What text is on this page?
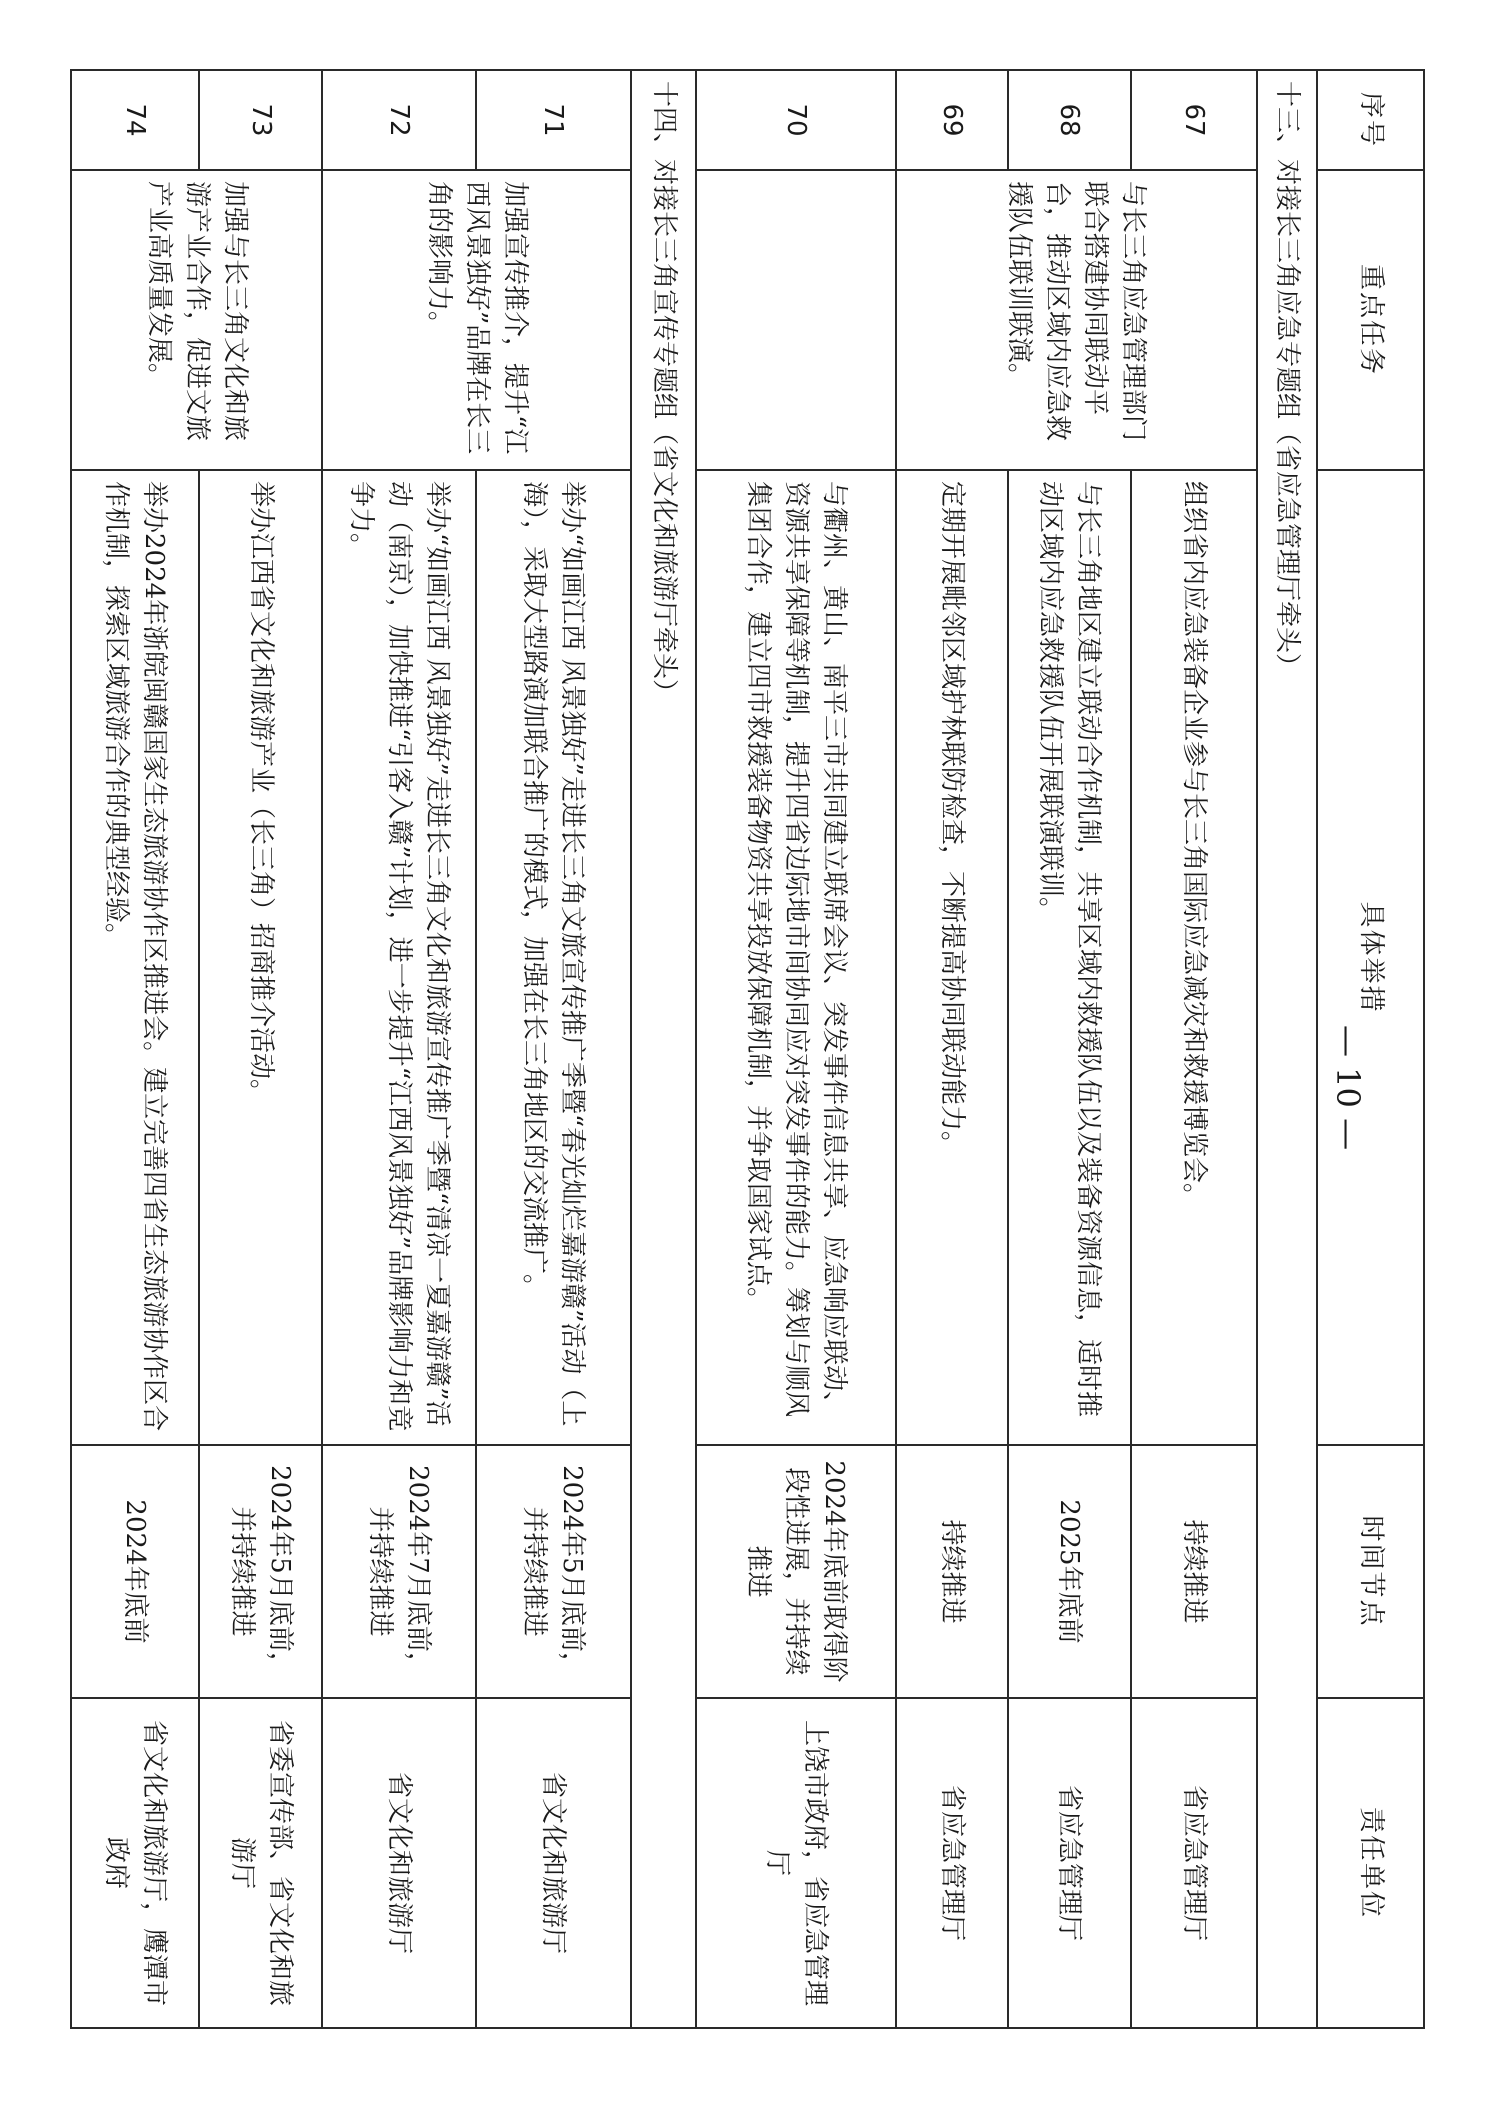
序号	重点任务	具体举措	时间节点	责任单位
十三、对接长三角应急专题组（省应急管理厅牵头）				
67	与长三角应急管理部门联合搭建协同联动平台，推动区域内应急救援队伍联训联演。	组织省内应急装备企业参与长三角国际应急减灾和救援博览会。	持续推进	省应急管理厅
68		与长三角地区建立联动合作机制，共享区域内救援队伍以及装备资源信息，适时推动区域内应急救援队伍开展联演联训。	2025年底前	省应急管理厅
69		定期开展毗邻区域护林联防检查，不断提高协同联动能力。	持续推进	省应急管理厅
70		与衢州、黄山、南平三市共同建立联席会议、突发事件信息共享、应急响应联动、资源共享保障等机制，提升四省边际地市间协同应对突发事件的能力。筹划与顺风集团合作，建立四市救援装备物资共享投放保障机制，并争取国家试点。	2024年底前取得阶段性进展，并持续推进	上饶市政府，省应急管理厅
十四、对接长三角宣传专题组（省文化和旅游厅牵头）				
71	加强宣传推介，提升“江西风景独好”品牌在长三角的影响力。	举办“如画江西 风景独好”走进长三角文旅宣传推广季暨“春光灿烂嘉游赣”活动（上海），采取大型路演加联合推广的模式，加强在长三角地区的交流推广。	2024年5月底前，并持续推进	省文化和旅游厅
72		举办“如画江西 风景独好”走进长三角文化和旅游宣传推广季暨“清凉一夏嘉游赣”活动（南京），加快推进“引客入赣”计划，进一步提升“江西风景独好”品牌影响力和竞争力。	2024年7月底前，并持续推进	省文化和旅游厅
73	加强与长三角文化和旅游产业合作，促进文旅产业高质量发展。	举办江西省文化和旅游产业（长三角）招商推介活动。	2024年5月底前，并持续推进	省委宣传部、省文化和旅游厅
74		举办2024年浙皖闽赣国家生态旅游协作区推进会。建立完善四省生态旅游协作区合作机制，探索区域旅游合作的典型经验。	2024年底前	省文化和旅游厅，鹰潭市政府
— 10 —
